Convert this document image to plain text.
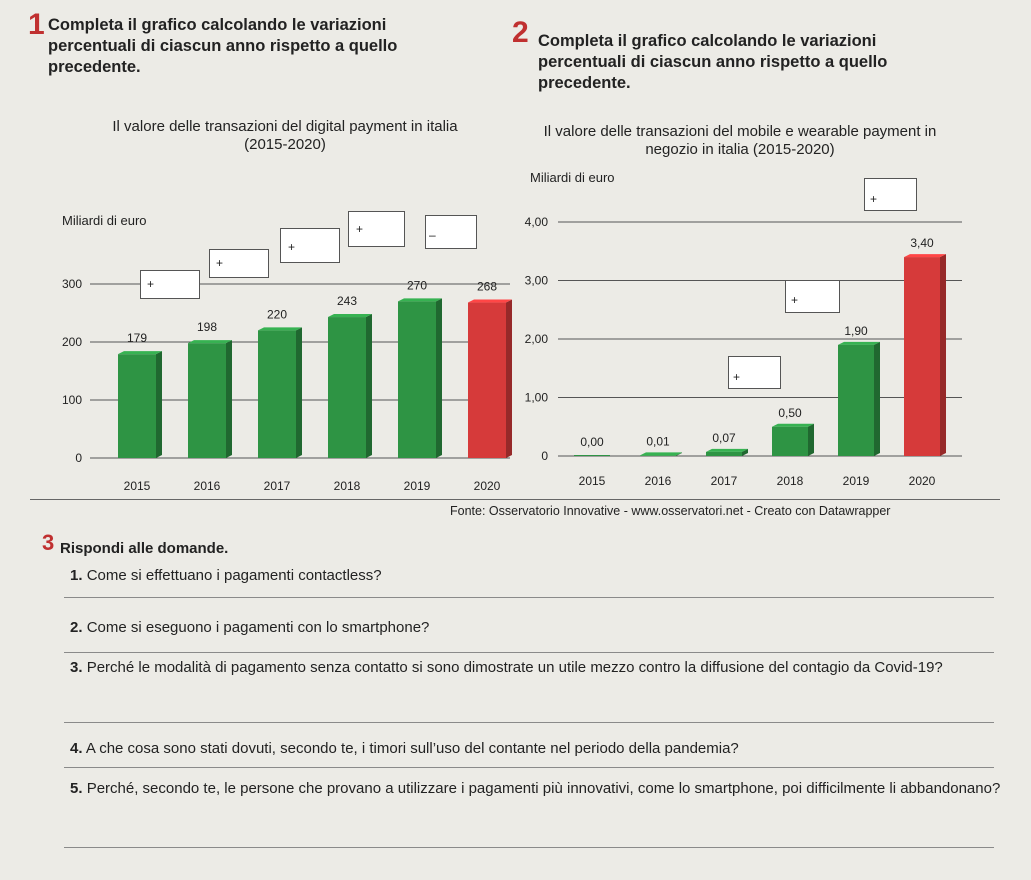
1 Completa il grafico calcolando le variazioni percentuali di ciascun anno rispetto a quello precedente.
2 Completa il grafico calcolando le variazioni percentuali di ciascun anno rispetto a quello precedente.
Il valore delle transazioni del digital payment in italia (2015-2020)
Miliardi di euro
0
100
200
300
179
2015
198
2016
220
2017
243
2018
270
2019
268
2020
Il valore delle transazioni del mobile e wearable payment in negozio in italia (2015-2020)
Miliardi di euro
0
1,00
2,00
3,00
4,00
0,00
2015
0,01
2016
0,07
2017
0,50
2018
1,90
2019
3,40
2020
+
+
+
+	–
+
+
+
Fonte: Osservatorio Innovative - www.osservatori.net - Creato con Datawrapper
3 Rispondi alle domande.
1. Come si effettuano i pagamenti contactless?
2. Come si eseguono i pagamenti con lo smartphone?
3. Perché le modalità di pagamento senza contatto si sono dimostrate un utile mezzo contro la diffusione del contagio da Covid-19?
4. A che cosa sono stati dovuti, secondo te, i timori sull’uso del contante nel periodo della pandemia?
5. Perché, secondo te, le persone che provano a utilizzare i pagamenti più innovativi, come lo smartphone, poi difficilmente li abbandonano?
